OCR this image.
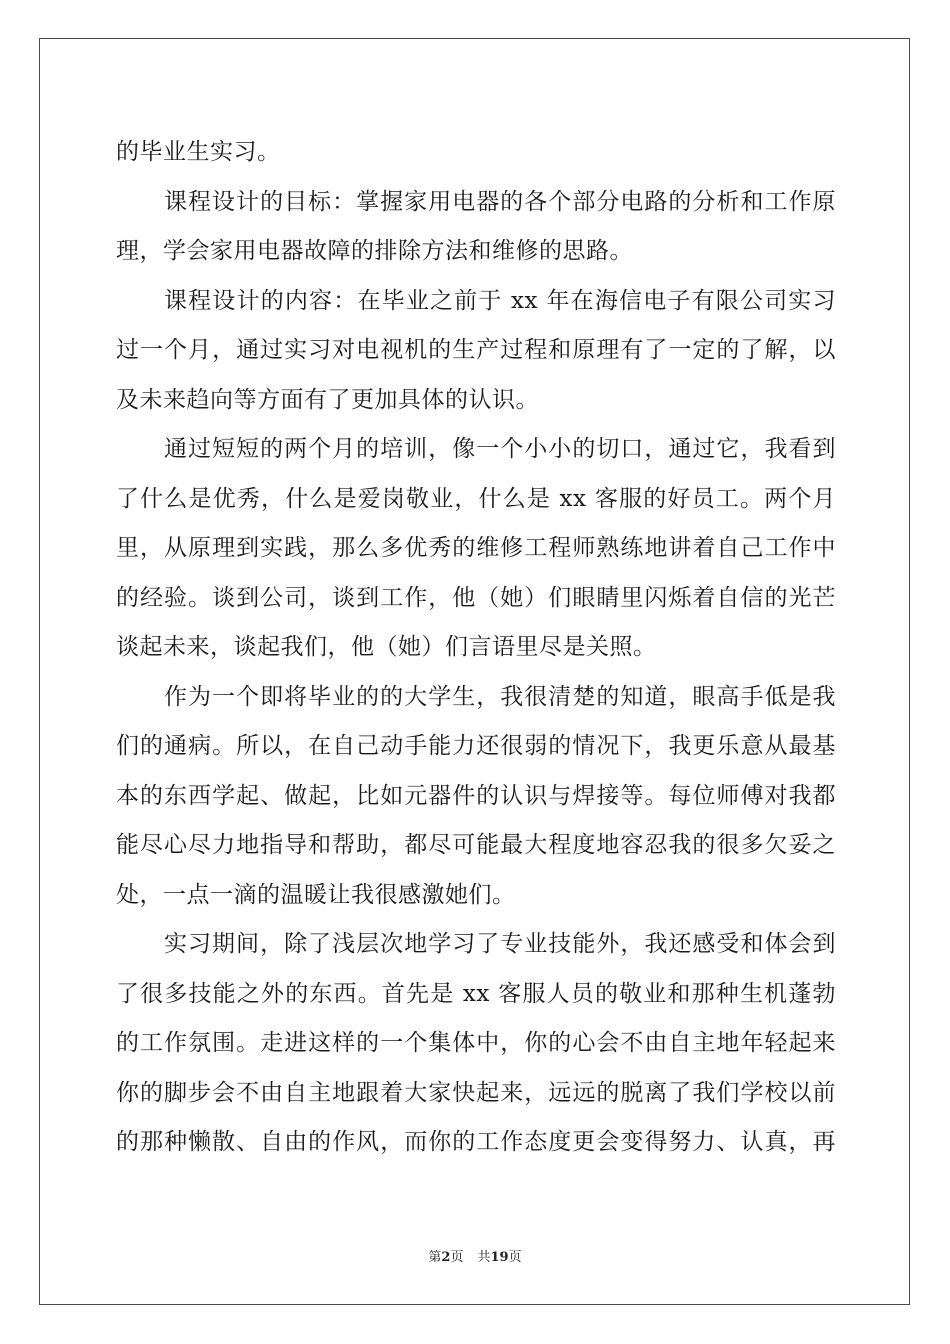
的毕业生实习。
课程设计的目标：掌握家用电器的各个部分电路的分析和工作原
理，学会家用电器故障的排除方法和维修的思路。
课程设计的内容：在毕业之前于 xx 年在海信电子有限公司实习
过一个月，通过实习对电视机的生产过程和原理有了一定的了解，以
及未来趋向等方面有了更加具体的认识。
通过短短的两个月的培训，像一个小小的切口，通过它，我看到
了什么是优秀，什么是爱岗敬业，什么是 xx 客服的好员工。两个月
里，从原理到实践，那么多优秀的维修工程师熟练地讲着自己工作中
的经验。谈到公司，谈到工作，他（她）们眼睛里闪烁着自信的光芒
谈起未来，谈起我们，他（她）们言语里尽是关照。
作为一个即将毕业的的大学生，我很清楚的知道，眼高手低是我
们的通病。所以，在自己动手能力还很弱的情况下，我更乐意从最基
本的东西学起、做起，比如元器件的认识与焊接等。每位师傅对我都
能尽心尽力地指导和帮助，都尽可能最大程度地容忍我的很多欠妥之
处，一点一滴的温暖让我很感激她们。
实习期间，除了浅层次地学习了专业技能外，我还感受和体会到
了很多技能之外的东西。首先是 xx 客服人员的敬业和那种生机蓬勃
的工作氛围。走进这样的一个集体中，你的心会不由自主地年轻起来
你的脚步会不由自主地跟着大家快起来，远远的脱离了我们学校以前
的那种懒散、自由的作风，而你的工作态度更会变得努力、认真，再
第2页 共19页
